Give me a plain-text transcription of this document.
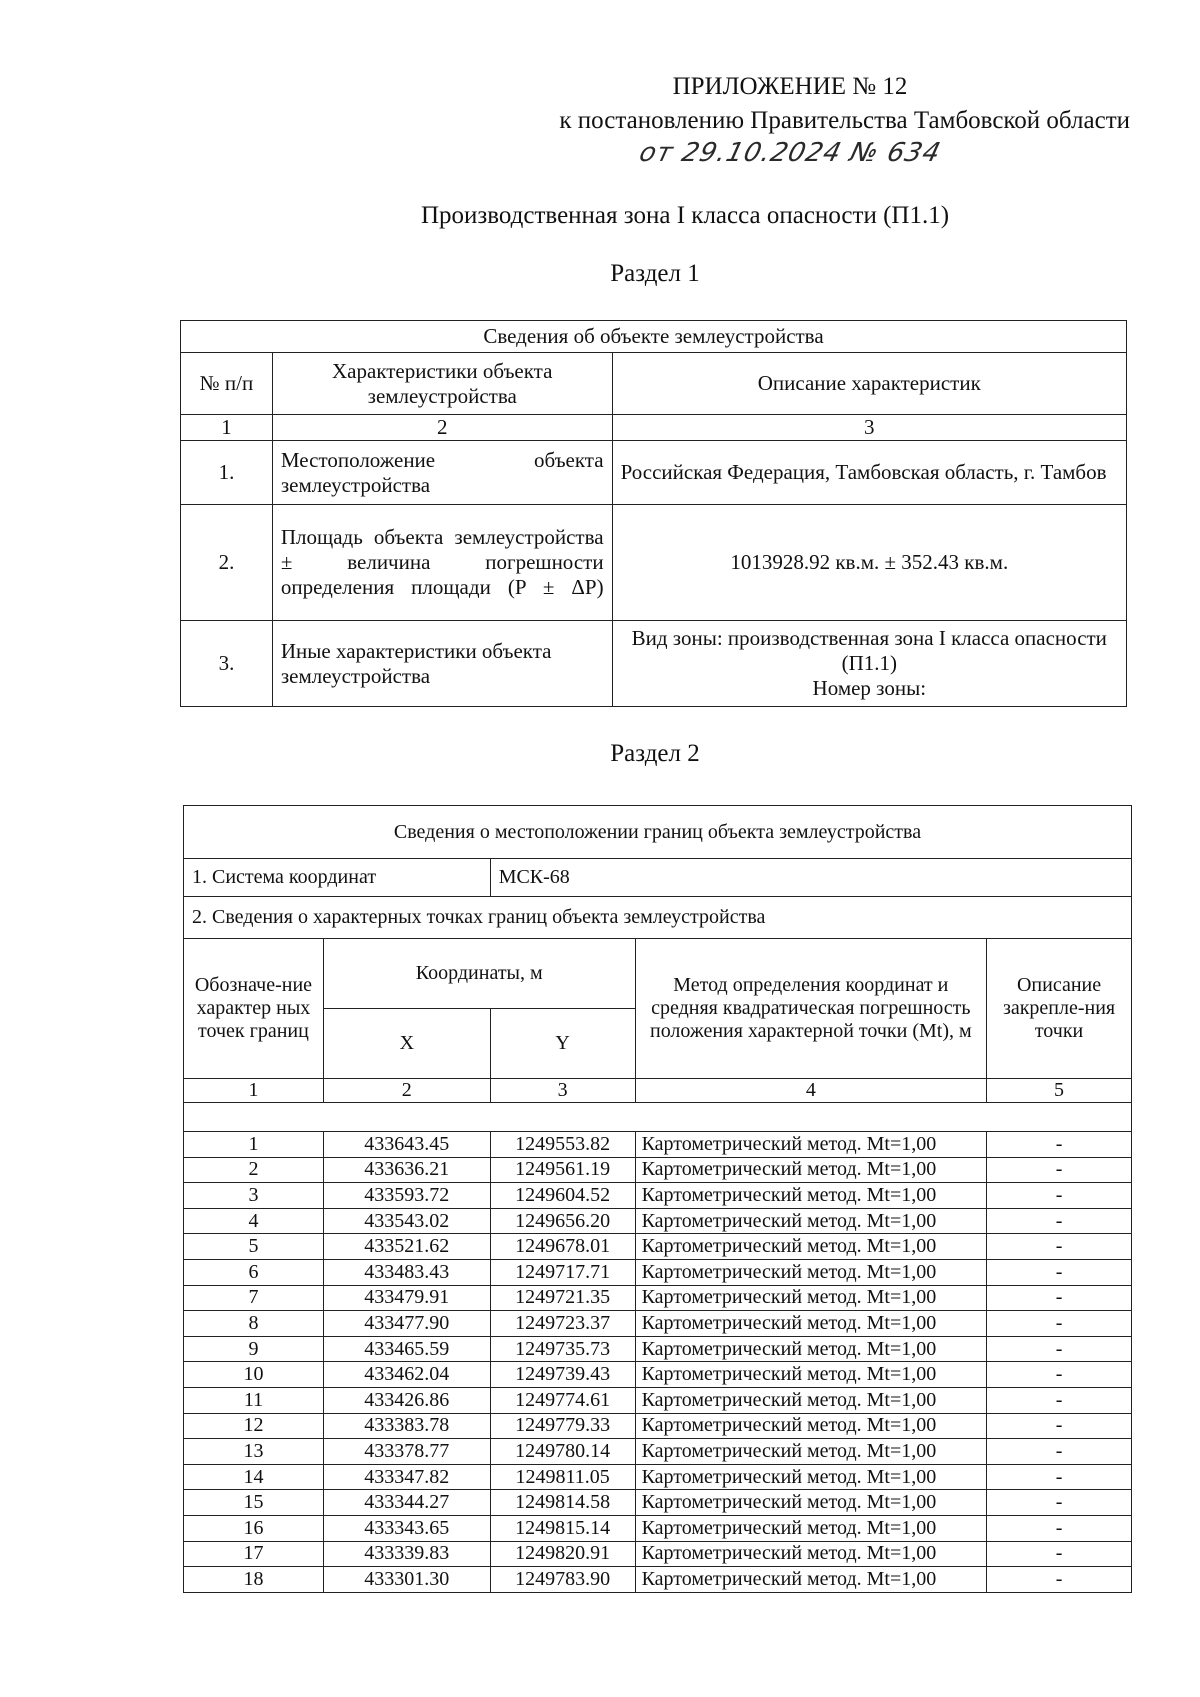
ПРИЛОЖЕНИЕ № 12
к постановлению Правительства Тамбовской области
от 29.10.2024 № 634
Производственная зона I класса опасности (П1.1)
Раздел 1
Сведения об объекте землеустройства		
№ п/п	Характеристики объекта землеустройства	Описание характеристик
1	2	3
1.	Местоположение объекта землеустройства	Российская Федерация, Тамбовская область, г. Тамбов
2.	Площадь объекта землеустройства ± величина погрешности определения площади (P ± ΔP)	1013928.92 кв.м. ± 352.43 кв.м.
3.	Иные характеристики объекта землеустройства	Вид зоны: производственная зона I класса опасности (П1.1)
Номер зоны:
Раздел 2
Сведения о местоположении границ объекта землеустройства				
1. Система координат		МСК-68		
2. Сведения о характерных точках границ объекта землеустройства				
Обозначе-ние характер ных точек границ	Координаты, м		Метод определения координат и средняя квадратическая погрешность положения характерной точки (Mt), м	Описание закрепле-ния точки
	X	Y		
1	2	3	4	5

1	433643.45	1249553.82	Картометрический метод. Mt=1,00	-
2	433636.21	1249561.19	Картометрический метод. Mt=1,00	-
3	433593.72	1249604.52	Картометрический метод. Mt=1,00	-
4	433543.02	1249656.20	Картометрический метод. Mt=1,00	-
5	433521.62	1249678.01	Картометрический метод. Mt=1,00	-
6	433483.43	1249717.71	Картометрический метод. Mt=1,00	-
7	433479.91	1249721.35	Картометрический метод. Mt=1,00	-
8	433477.90	1249723.37	Картометрический метод. Mt=1,00	-
9	433465.59	1249735.73	Картометрический метод. Mt=1,00	-
10	433462.04	1249739.43	Картометрический метод. Mt=1,00	-
11	433426.86	1249774.61	Картометрический метод. Mt=1,00	-
12	433383.78	1249779.33	Картометрический метод. Mt=1,00	-
13	433378.77	1249780.14	Картометрический метод. Mt=1,00	-
14	433347.82	1249811.05	Картометрический метод. Mt=1,00	-
15	433344.27	1249814.58	Картометрический метод. Mt=1,00	-
16	433343.65	1249815.14	Картометрический метод. Mt=1,00	-
17	433339.83	1249820.91	Картометрический метод. Mt=1,00	-
18	433301.30	1249783.90	Картометрический метод. Mt=1,00	-
